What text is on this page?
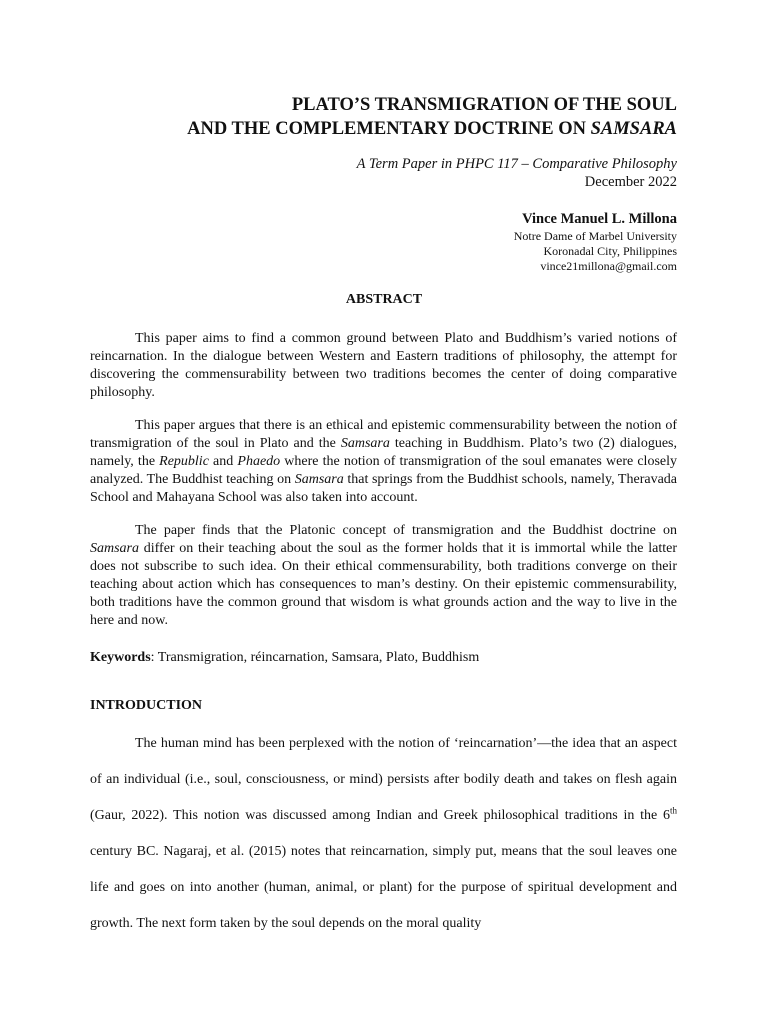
PLATO’S TRANSMIGRATION OF THE SOUL
AND THE COMPLEMENTARY DOCTRINE ON SAMSARA
A Term Paper in PHPC 117 – Comparative Philosophy
December 2022
Vince Manuel L. Millona
Notre Dame of Marbel University
Koronadal City, Philippines
vince21millona@gmail.com
ABSTRACT

This paper aims to find a common ground between Plato and Buddhism’s varied notions of reincarnation. In the dialogue between Western and Eastern traditions of philosophy, the attempt for discovering the commensurability between two traditions becomes the center of doing comparative philosophy.

This paper argues that there is an ethical and epistemic commensurability between the notion of transmigration of the soul in Plato and the Samsara teaching in Buddhism. Plato’s two (2) dialogues, namely, the Republic and Phaedo where the notion of transmigration of the soul emanates were closely analyzed. The Buddhist teaching on Samsara that springs from the Buddhist schools, namely, Theravada School and Mahayana School was also taken into account.

The paper finds that the Platonic concept of transmigration and the Buddhist doctrine on Samsara differ on their teaching about the soul as the former holds that it is immortal while the latter does not subscribe to such idea. On their ethical commensurability, both traditions converge on their teaching about action which has consequences to man’s destiny. On their epistemic commensurability, both traditions have the common ground that wisdom is what grounds action and the way to live in the here and now.

Keywords: Transmigration, réincarnation, Samsara, Plato, Buddhism
INTRODUCTION

The human mind has been perplexed with the notion of ‘reincarnation’—the idea that an aspect of an individual (i.e., soul, consciousness, or mind) persists after bodily death and takes on flesh again (Gaur, 2022). This notion was discussed among Indian and Greek philosophical traditions in the 6th century BC. Nagaraj, et al. (2015) notes that reincarnation, simply put, means that the soul leaves one life and goes on into another (human, animal, or plant) for the purpose of spiritual development and growth. The next form taken by the soul depends on the moral quality
